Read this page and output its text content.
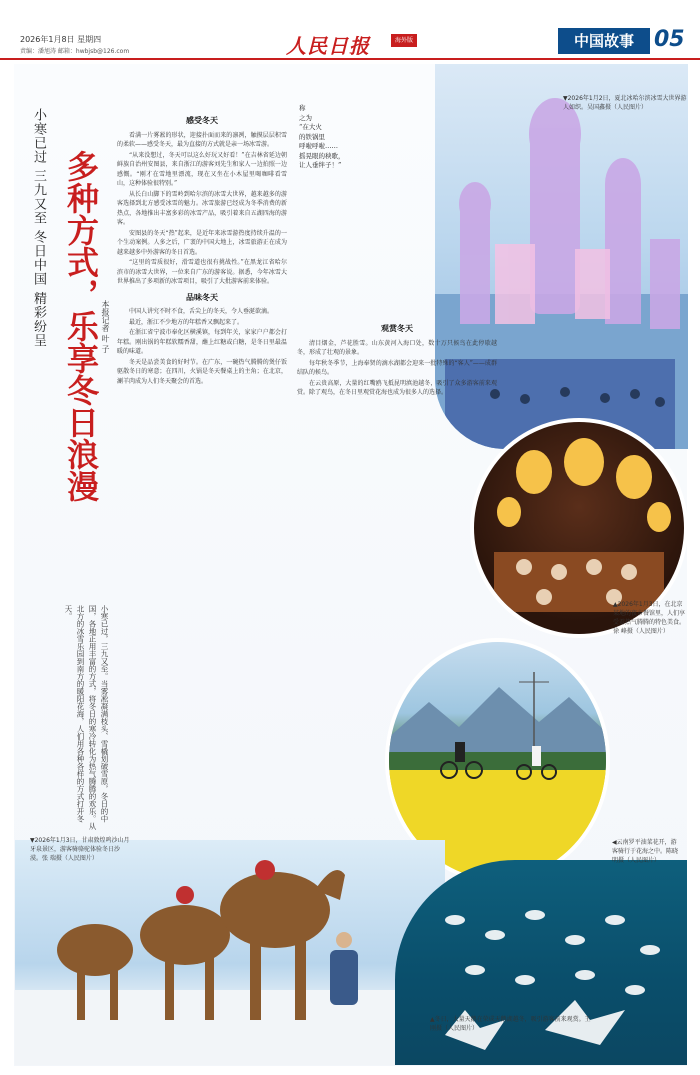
2026年1月8日 星期四
责编：潘旭涛 邮箱：hwbjsb@126.com	人民日报	海外版	中国故事 05
小寒已过 三九又至 冬日中国 精彩纷呈 多种方式，乐享冬日浪漫 本报记者 叶 子
小寒已过，三九又至。当雾凇凝满枝头、雪橇划破雪原，冬日的中国，各地正用丰富的方式，将冬日的寒冷转化为热气腾腾的欢乐。从北方的冰雪乐园到南方的暖阳花海，人们用各种各样的方式打开冬天。
感受冬天

看满一片雾凇的形状，迎接扑面而来的凛冽，触摸层层积雪的柔软——感受冬天，最为直接的方式就是亲一场冰雪游。

“从来没想过，冬天可以这么好玩又好看！”在吉林省延边朝鲜族自治州安图县，来自浙江的游客刘先生和家人一边拍照一边感慨。“刚才在雪地里漂流，现在又坐在小木屋里喝咖啡看雪山，这种体验很特别。”

从长白山脚下的雪岭到哈尔滨的冰雪大世界，越来越多的游客选择到北方感受冰雪的魅力。冰雪旅游已经成为冬季消费的新热点，各地推出丰富多彩的冰雪产品，吸引着来自五湖四海的游客。

安图县的冬天“热”起来，是近年来冰雪游热度持续升温的一个生动案例。人多之后，广袤的中国大地上，冰雪旅游正在成为越来越多中外游客的冬日首选。

“这里的雪质很好，滑雪道也很有挑战性。”在黑龙江省哈尔滨市的冰雪大世界，一位来自广东的游客说。据悉，今年冰雪大世界推出了多项新的冰雪项目，吸引了大批游客前来体验。

品味冬天

中国人讲究不时不食，舌尖上的冬天，令人垂涎欲滴。

最近，浙江不少地方的年糕香又飘起来了。

在浙江省宁波市奉化区横溪镇，每到年关，家家户户都会打年糕。刚出锅的年糕软糯香甜，蘸上红糖或白糖，是冬日里最温暖的味道。

冬天是品尝美食的好时节。在广东，一碗热气腾腾的煲仔饭驱散冬日的寒意；在四川，火锅是冬天餐桌上的主角；在北京，涮羊肉成为人们冬天聚会的首选。

称
之为
“在大火
的铁锅里
呼啦呼啦……
摇晃眼的秧歌，
让人垂绊子！”
观赏冬天

清目烟金，芦花胜雪。山东黄河入海口处，数十万只候鸟在此停歇越冬，形成了壮观的景象。

每年秋冬季节，上海奉贤的滴水湖都会迎来一批特殊的“客人”——成群结队的候鸟。

在云贵高原，大量的红嘴鸥飞抵昆明滇池越冬，吸引了众多游客前来观赏。除了观鸟，在冬日里观赏花海也成为很多人的选择。

▼2026年1月2日，夏北冰哈尔滨冰雪大世界游人如织。吴国鑫摄（人民图片）
▲2026年1月3日，在北京某地的夜市餐馆里，人们享受着热气腾腾的特色美食。徐 峰摄（人民图片）
▼2026年1月3日，甘肃敦煌鸣沙山月牙泉景区，游客骑骆驼体验冬日沙漠。张 瑞摄（人民图片）
◀云南罗平油菜花开，游客骑行于花海之中。陈晓明摄（人民图片）
▲冬日，大量天鹅在荣成天鹅湖越冬，吸引游客前来观赏。王 刚摄（人民图片）
